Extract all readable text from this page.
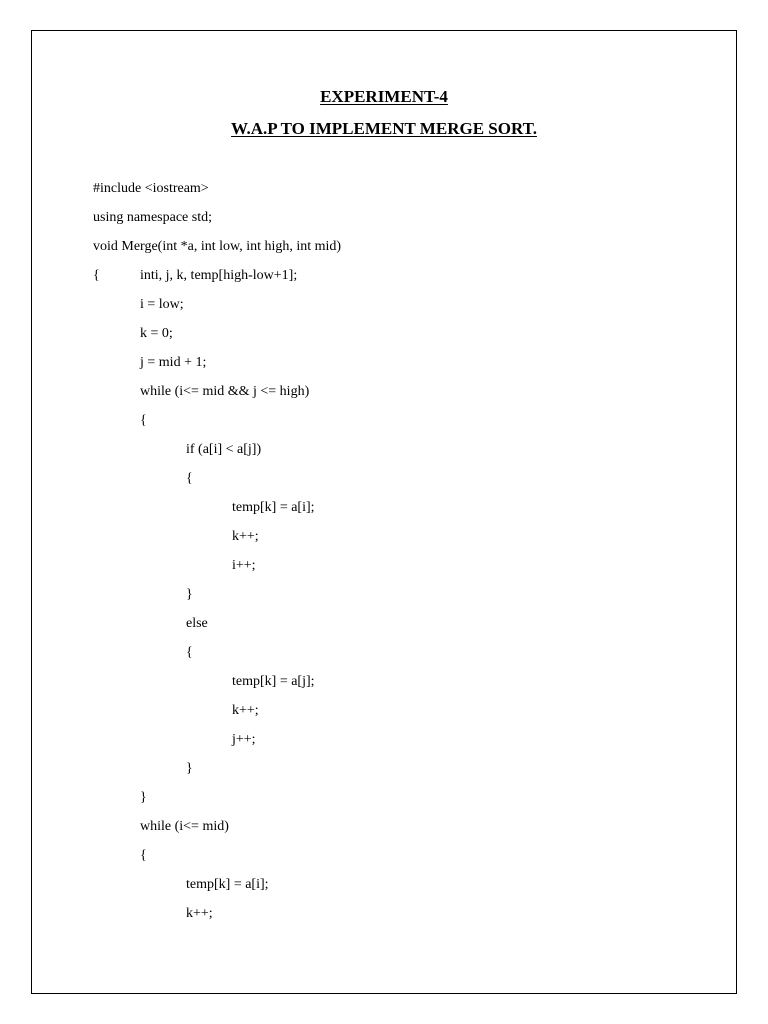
EXPERIMENT-4
W.A.P TO IMPLEMENT MERGE SORT.
#include <iostream>
using namespace std;
void Merge(int *a, int low, int high, int mid)
{	inti, j, k, temp[high-low+1];
i = low;
k = 0;
j = mid + 1;
while (i<= mid && j <= high)
{
if (a[i] < a[j])
{
temp[k] = a[i];
k++;
i++;
}
else
{
temp[k] = a[j];
k++;
j++;
}
}
while (i<= mid)
{
temp[k] = a[i];
k++;
